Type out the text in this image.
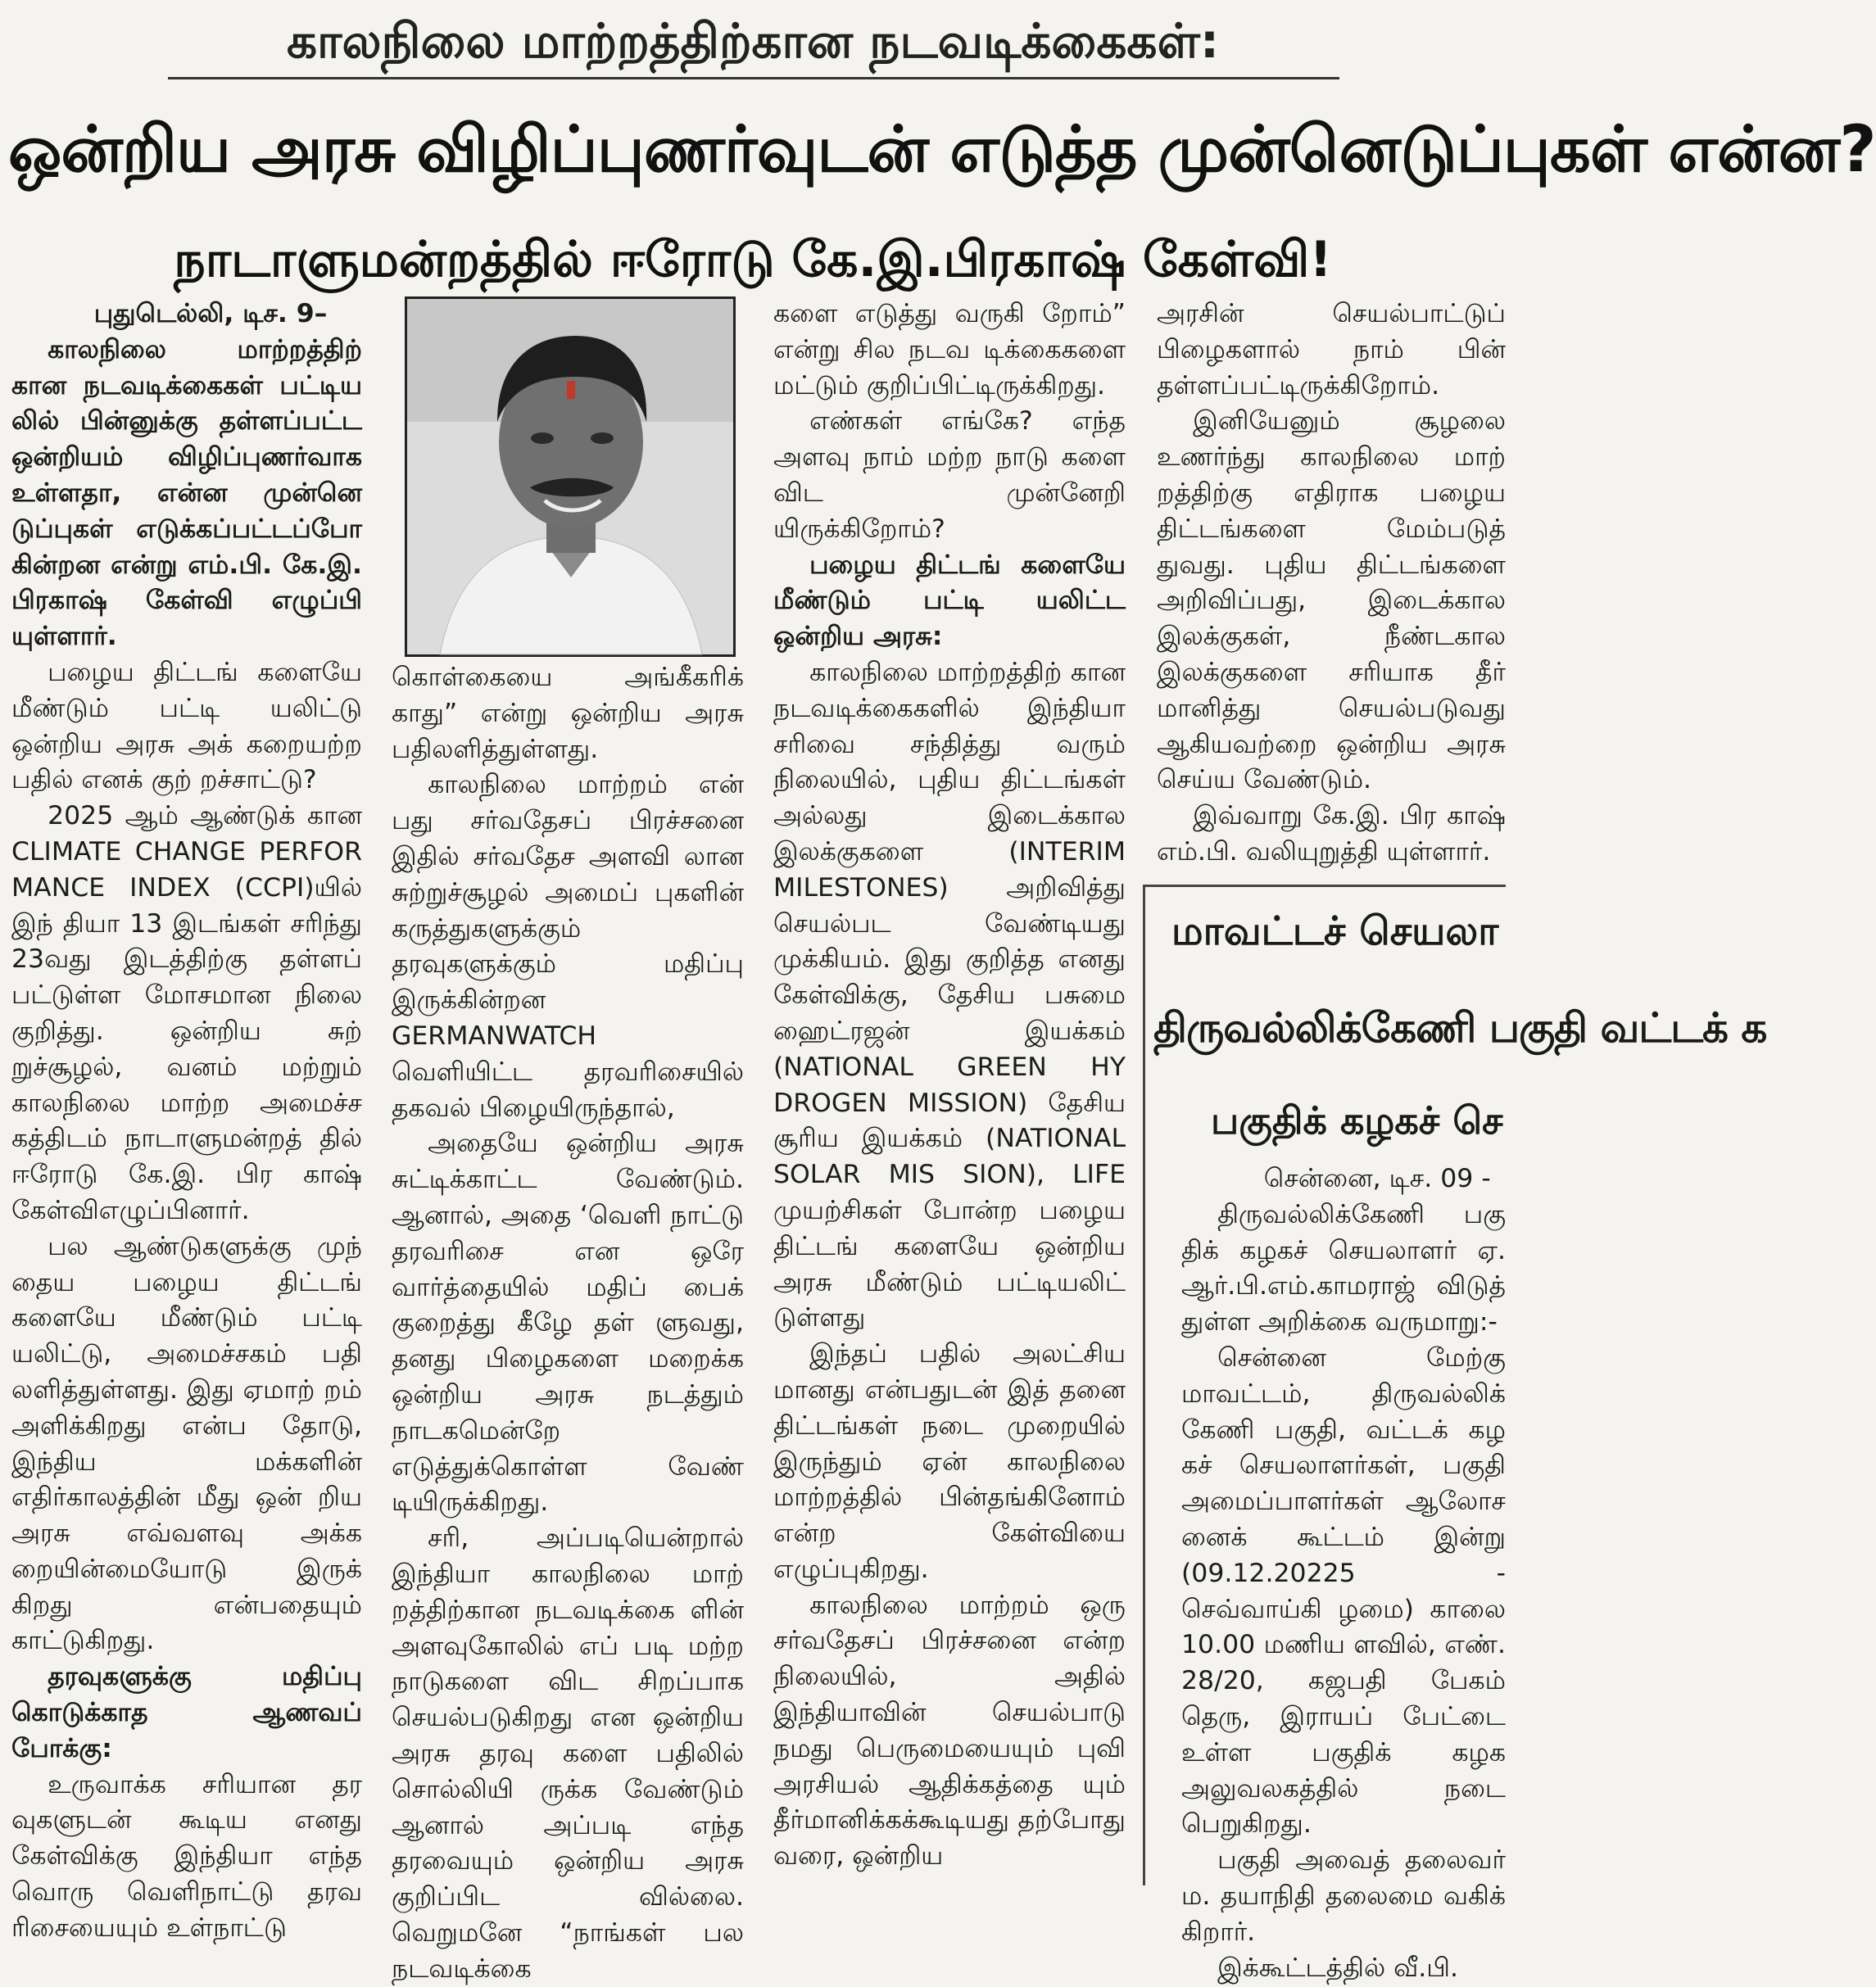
காலநிலை மாற்றத்திற்கான நடவடிக்கைகள்:
ஒன்றிய அரசு விழிப்புணர்வுடன் எடுத்த முன்னெடுப்புகள் என்ன?
நாடாளுமன்றத்தில் ஈரோடு கே.இ.பிரகாஷ் கேள்வி!

புதுடெல்லி, டிச. 9–

காலநிலை மாற்றத்திற் கான நடவடிக்கைகள் பட்டிய லில் பின்னுக்கு தள்ளப்பட்ட ஒன்றியம் விழிப்புணர்வாக உள்ளதா, என்ன முன்னெ டுப்புகள் எடுக்கப்பட்டப்போ கின்றன என்று எம்.பி. கே.இ. பிரகாஷ் கேள்வி எழுப்பி யுள்ளார்.

பழைய திட்டங் களையே மீண்டும் பட்டி யலிட்டு ஒன்றிய அரசு அக் கறையற்ற பதில் எனக் குற் றச்சாட்டு?

2025 ஆம் ஆண்டுக் கான CLIMATE CHANGE PERFOR MANCE INDEX (CCPI)யில் இந் தியா 13 இடங்கள் சரிந்து 23வது இடத்திற்கு தள்ளப் பட்டுள்ள மோசமான நிலை குறித்து. ஒன்றிய சுற் றுச்சூழல், வனம் மற்றும் காலநிலை மாற்ற அமைச்ச கத்திடம் நாடாளுமன்றத் தில் ஈரோடு கே.இ. பிர காஷ் கேள்விஎழுப்பினார்.

பல ஆண்டுகளுக்கு முந் தைய பழைய திட்டங் களையே மீண்டும் பட்டி யலிட்டு, அமைச்சகம் பதி லளித்துள்ளது. இது ஏமாற் றம் அளிக்கிறது என்ப தோடு, இந்திய மக்களின் எதிர்காலத்தின் மீது ஒன் றிய அரசு எவ்வளவு அக்க றையின்மையோடு இருக் கிறது என்பதையும் காட்டுகிறது.

தரவுகளுக்கு மதிப்பு கொடுக்காத ஆணவப் போக்கு:

உருவாக்க சரியான தர வுகளுடன் கூடிய எனது கேள்விக்கு இந்தியா எந்த வொரு வெளிநாட்டு தரவ ரிசையையும் உள்நாட்டு

கொள்கையை அங்கீகரிக் காது” என்று ஒன்றிய அரசு பதிலளித்துள்ளது.

காலநிலை மாற்றம் என் பது சர்வதேசப் பிரச்சனை இதில் சர்வதேச அளவி லான சுற்றுச்சூழல் அமைப் புகளின் கருத்துகளுக்கும் தரவுகளுக்கும் மதிப்பு இருக்கின்றன GERMANWATCH வெளியிட்ட தரவரிசையில் தகவல் பிழையிருந்தால்,

அதையே ஒன்றிய அரசு சுட்டிக்காட்ட வேண்டும். ஆனால், அதை ‘வெளி நாட்டு தரவரிசை என ஒரே வார்த்தையில் மதிப் பைக் குறைத்து கீழே தள் ளுவது, தனது பிழைகளை மறைக்க ஒன்றிய அரசு நடத்தும் நாடகமென்றே எடுத்துக்கொள்ள வேண் டியிருக்கிறது.

சரி, அப்படியென்றால் இந்தியா காலநிலை மாற் றத்திற்கான நடவடிக்கை ளின் அளவுகோலில் எப் படி மற்ற நாடுகளை விட சிறப்பாக செயல்படுகிறது என ஒன்றிய அரசு தரவு களை பதிலில் சொல்லியி ருக்க வேண்டும் ஆனால் அப்படி எந்த தரவையும் ஒன்றிய அரசு குறிப்பிட வில்லை. வெறுமனே “நாங்கள் பல நடவடிக்கை

களை எடுத்து வருகி றோம்” என்று சில நடவ டிக்கைகளை மட்டும் குறிப்பிட்டிருக்கிறது.

எண்கள் எங்கே? எந்த அளவு நாம் மற்ற நாடு களை விட முன்னேறி யிருக்கிறோம்?

பழைய திட்டங் களையே மீண்டும் பட்டி யலிட்ட ஒன்றிய அரசு:

காலநிலை மாற்றத்திற் கான நடவடிக்கைகளில் இந்தியா சரிவை சந்தித்து வரும் நிலையில், புதிய திட்டங்கள் அல்லது இடைக்கால இலக்குகளை (INTERIM MILESTONES) அறிவித்து செயல்பட வேண்டியது முக்கியம். இது குறித்த எனது கேள்விக்கு, தேசிய பசுமை ஹைட்ரஜன் இயக்கம் (NATIONAL GREEN HY DROGEN MISSION) தேசிய சூரிய இயக்கம் (NATIONAL SOLAR MIS SION), LIFE முயற்சிகள் போன்ற பழைய திட்டங் களையே ஒன்றிய அரசு மீண்டும் பட்டியலிட் டுள்ளது

இந்தப் பதில் அலட்சிய மானது என்பதுடன் இத் தனை திட்டங்கள் நடை முறையில் இருந்தும் ஏன் காலநிலை மாற்றத்தில் பின்தங்கினோம் என்ற கேள்வியை எழுப்புகிறது.

காலநிலை மாற்றம் ஒரு சர்வதேசப் பிரச்சனை என்ற நிலையில், அதில் இந்தியாவின் செயல்பாடு நமது பெருமையையும் புவி அரசியல் ஆதிக்கத்தை யும் தீர்மானிக்கக்கூடியது தற்போது வரை, ஒன்றிய

அரசின் செயல்பாட்டுப் பிழைகளால் நாம் பின் தள்ளப்பட்டிருக்கிறோம்.

இனியேனும் சூழலை உணர்ந்து காலநிலை மாற் றத்திற்கு எதிராக பழைய திட்டங்களை மேம்படுத் துவது. புதிய திட்டங்களை அறிவிப்பது, இடைக்கால இலக்குகள், நீண்டகால இலக்குகளை சரியாக தீர் மானித்து செயல்படுவது ஆகியவற்றை ஒன்றிய அரசு செய்ய வேண்டும்.

இவ்வாறு கே.இ. பிர காஷ் எம்.பி. வலியுறுத்தி யுள்ளார்.

மாவட்டச் செயலா
திருவல்லிக்கேணி பகுதி வட்டக் க
பகுதிக் கழகச் செ

சென்னை, டிச. 09 -

திருவல்லிக்கேணி பகு திக் கழகச் செயலாளர் ஏ. ஆர்.பி.எம்.காமராஜ் விடுத் துள்ள அறிக்கை வருமாறு:-

சென்னை மேற்கு மாவட்டம், திருவல்லிக் கேணி பகுதி, வட்டக் கழ கச் செயலாளர்கள், பகுதி அமைப்பாளர்கள் ஆலோச னைக் கூட்டம் இன்று (09.12.20225 - செவ்வாய்கி ழமை) காலை 10.00 மணிய ளவில், எண். 28/20, கஜபதி பேகம் தெரு, இராயப் பேட்டை உள்ள பகுதிக் கழக அலுவலகத்தில் நடை பெறுகிறது.

பகுதி அவைத் தலைவர் ம. தயாநிதி தலைமை வகிக் கிறார்.

இக்கூட்டத்தில் வீ.பி.
